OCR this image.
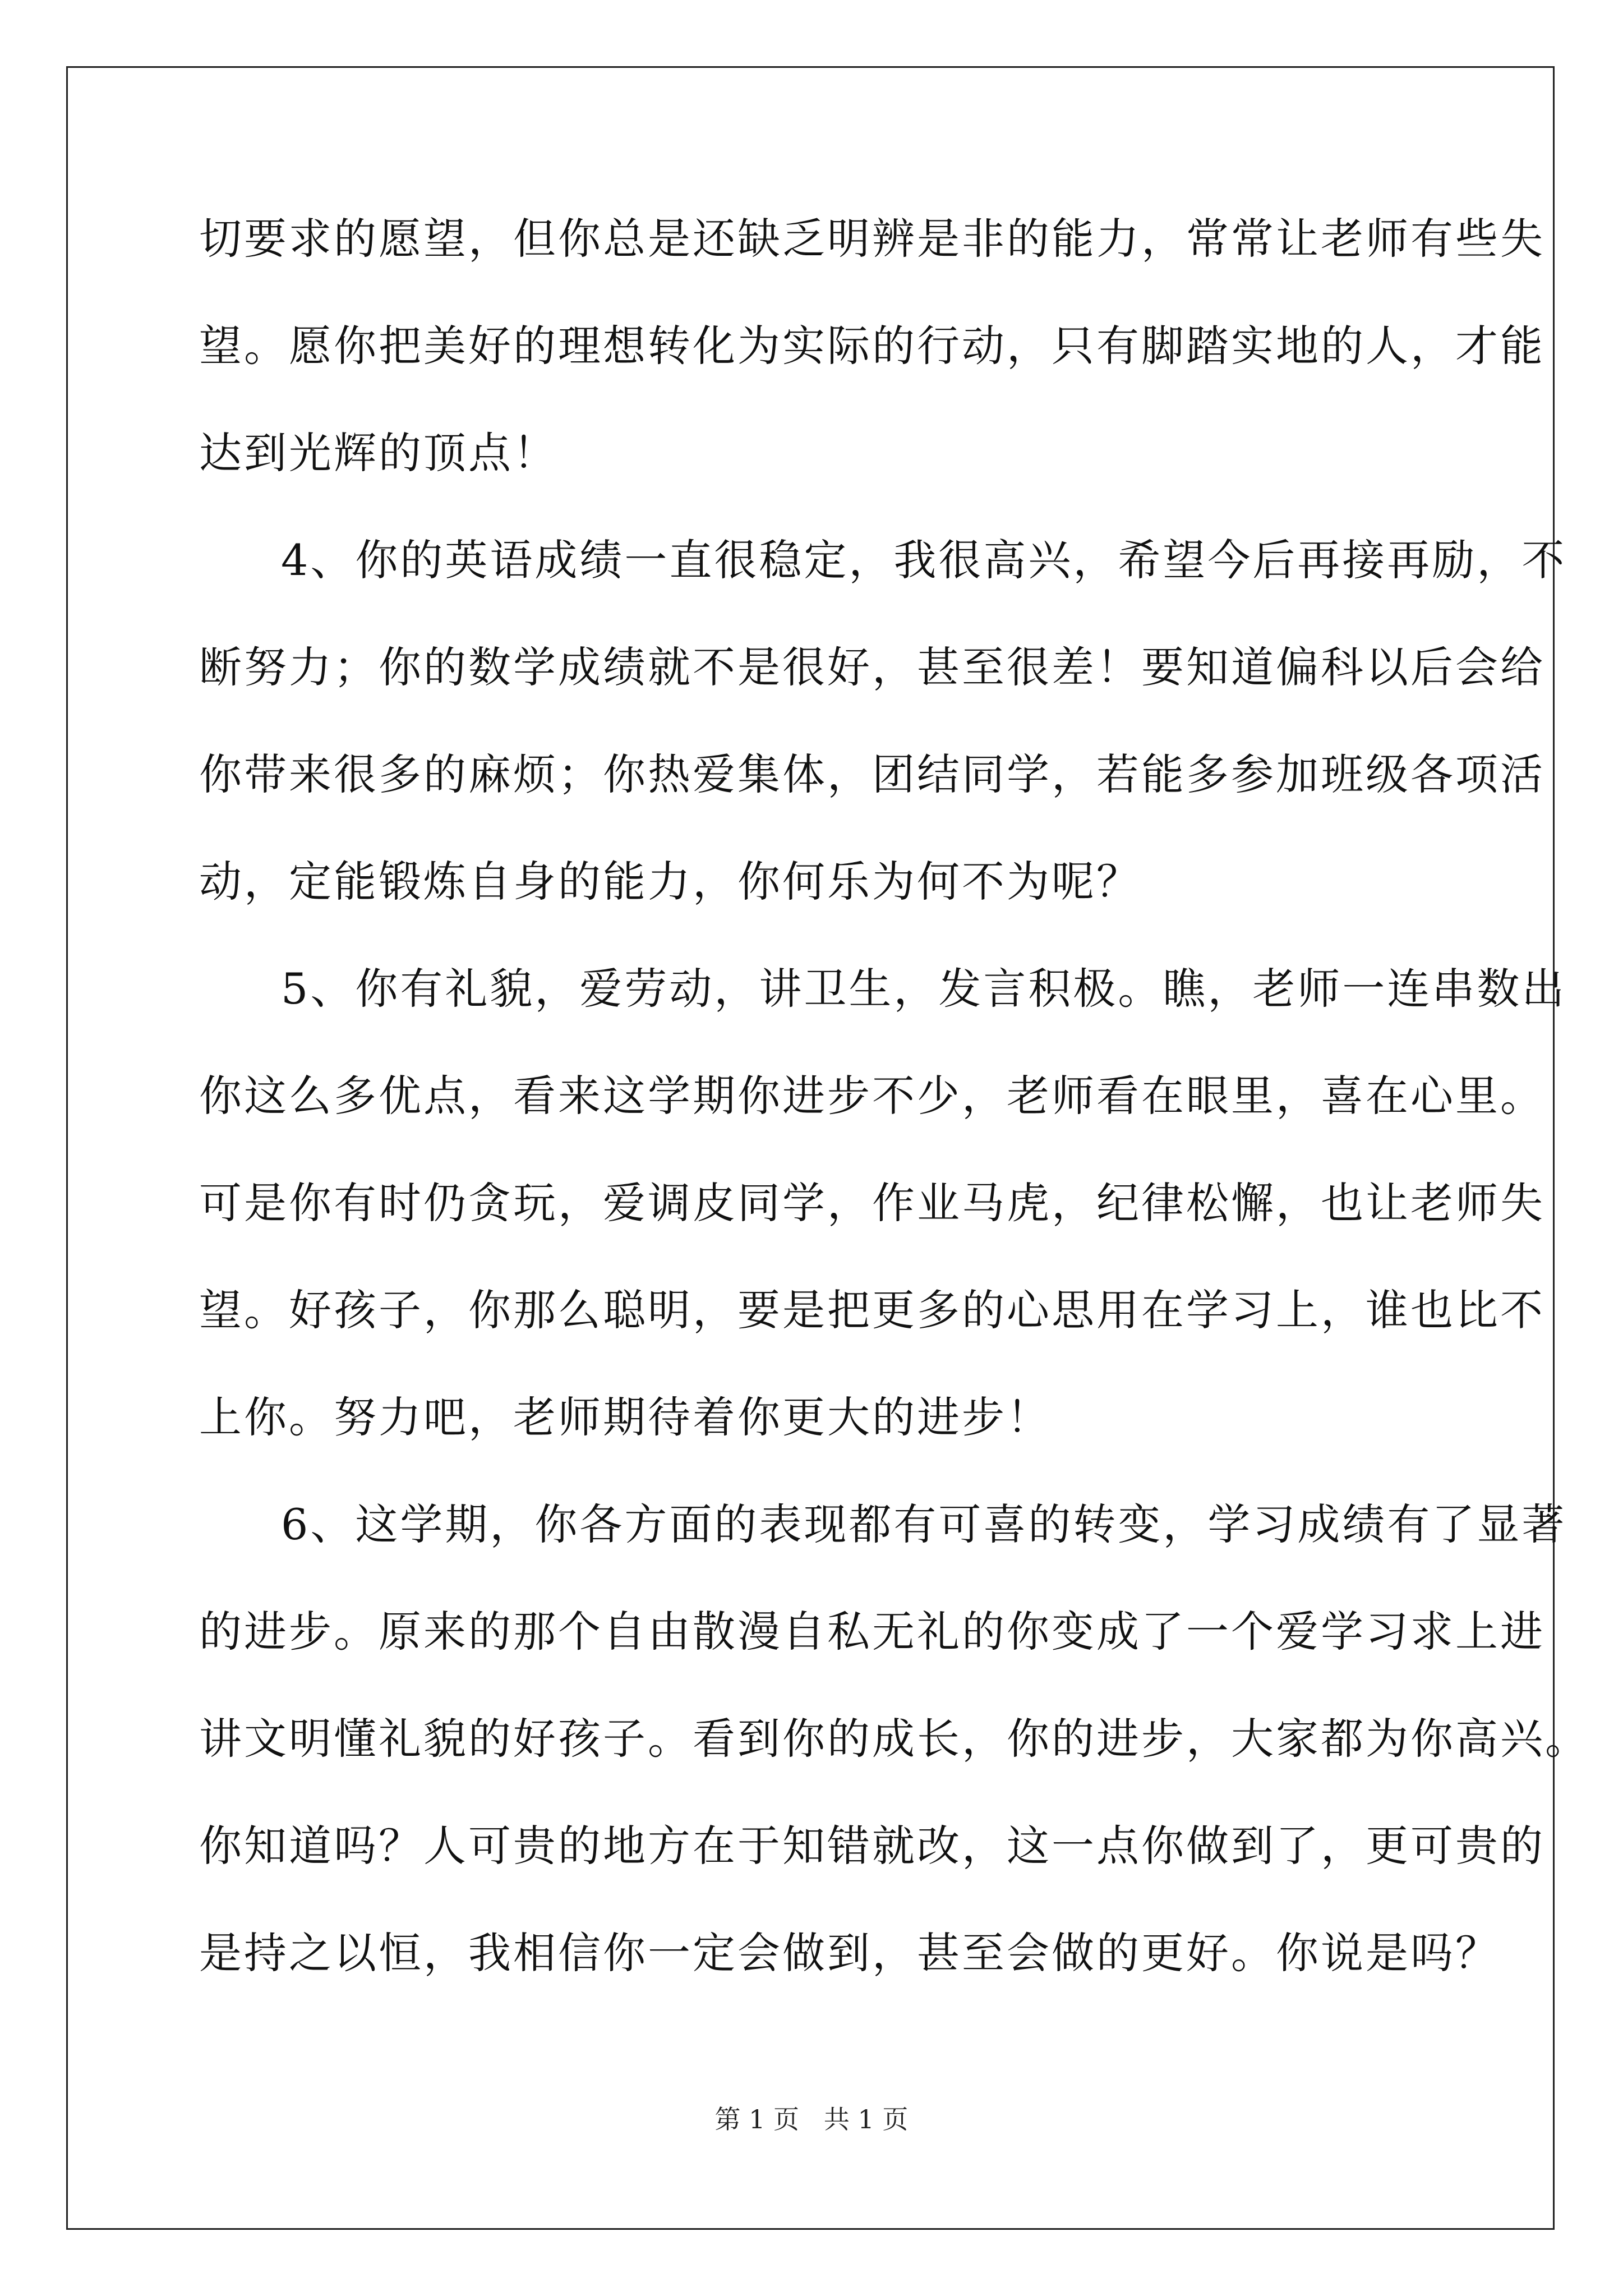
切要求的愿望，但你总是还缺乏明辨是非的能力，常常让老师有些失
望。愿你把美好的理想转化为实际的行动，只有脚踏实地的人，才能
达到光辉的顶点！
4、你的英语成绩一直很稳定，我很高兴，希望今后再接再励，不
断努力；你的数学成绩就不是很好，甚至很差！要知道偏科以后会给
你带来很多的麻烦；你热爱集体，团结同学，若能多参加班级各项活
动，定能锻炼自身的能力，你何乐为何不为呢？
5、你有礼貌，爱劳动，讲卫生，发言积极。瞧，老师一连串数出
你这么多优点，看来这学期你进步不少，老师看在眼里，喜在心里。
可是你有时仍贪玩，爱调皮同学，作业马虎，纪律松懈，也让老师失
望。好孩子，你那么聪明，要是把更多的心思用在学习上，谁也比不
上你。努力吧，老师期待着你更大的进步！
6、这学期，你各方面的表现都有可喜的转变，学习成绩有了显著
的进步。原来的那个自由散漫自私无礼的你变成了一个爱学习求上进
讲文明懂礼貌的好孩子。看到你的成长，你的进步，大家都为你高兴。
你知道吗？人可贵的地方在于知错就改，这一点你做到了，更可贵的
是持之以恒，我相信你一定会做到，甚至会做的更好。你说是吗？
第 1 页   共 1 页
